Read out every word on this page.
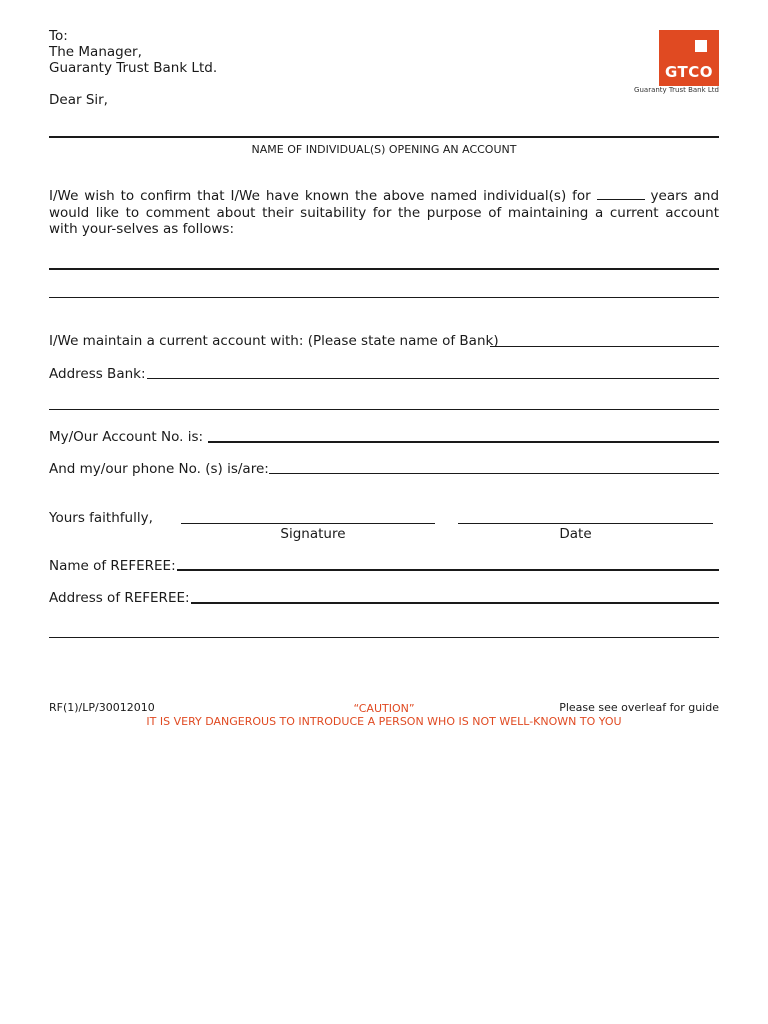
To:
The Manager,
Guaranty Trust Bank Ltd.
Dear Sir,
GTCO
Guaranty Trust Bank Ltd
NAME OF INDIVIDUAL(S) OPENING AN ACCOUNT
I/We wish to confirm that I/We have known the above named individual(s) for	years and would like to comment about their suitability for the purpose of maintaining a current account with your-selves as follows:
I/We maintain a current account with: (Please state name of Bank)
Address Bank:
My/Our Account No. is:
And my/our phone No. (s) is/are:
Yours faithfully,
Signature	Date
Name of REFEREE:
Address of REFEREE:
RF(1)/LP/30012010	“CAUTION”	Please see overleaf for guide
IT IS VERY DANGEROUS TO INTRODUCE A PERSON WHO IS NOT WELL-KNOWN TO YOU
